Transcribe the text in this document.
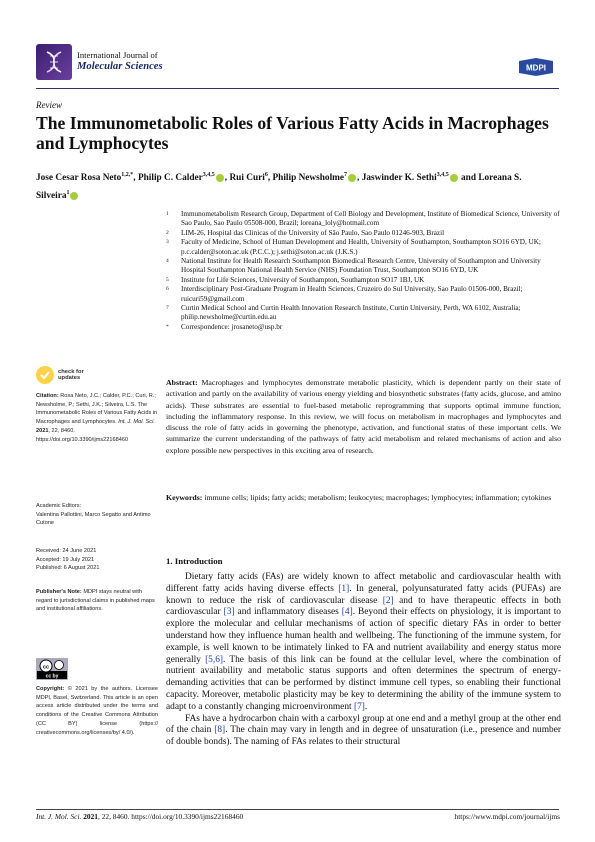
International Journal of
Molecular Sciences	MDPI
Review
The Immunometabolic Roles of Various Fatty Acids in Macrophages and Lymphocytes
Jose Cesar Rosa Neto$^{1,2,*}$, Philip C. Calder$^{3,4,5}$ , Rui Curi$^6$, Philip Newsholme$^7$ , Jaswinder K. Sethi$^{3,4,5}$ and Loreana S. Silveira$^1$
1	Immunometabolism Research Group, Department of Cell Biology and Development, Institute of Biomedical Science, University of Sao Paulo, Sao Paulo 05508-000, Brazil; loreana_loly@hotmail.com
2	LIM-26, Hospital das Clinicas of the University of São Paulo, Sao Paulo 01246-903, Brazil
3	Faculty of Medicine, School of Human Development and Health, University of Southampton, Southampton SO16 6YD, UK; p.c.calder@soton.ac.uk (P.C.C.); j.sethi@soton.ac.uk (J.K.S.)
4	National Institute for Health Research Southampton Biomedical Research Centre, University of Southampton and University Hospital Southampton National Health Service (NHS) Foundation Trust, Southampton SO16 6YD, UK
5	Institute for Life Sciences, University of Southampton, Southampton SO17 1BJ, UK
6	Interdisciplinary Post-Graduate Program in Health Sciences, Cruzeiro do Sul University, Sao Paulo 01506-000, Brazil; ruicuri59@gmail.com
7	Curtin Medical School and Curtin Health Innovation Research Institute, Curtin University, Perth, WA 6102, Australia; philip.newsholme@curtin.edu.au
*	Correspondence: jrosaneto@usp.br
check for
updates
Citation: Rosa Neto, J.C.; Calder, P.C.; Curi, R.; Newsholme, P.; Sethi, J.K.; Silveira, L.S. The Immunometabolic Roles of Various Fatty Acids in Macrophages and Lymphocytes. Int. J. Mol. Sci. 2021, 22, 8460. https://doi.org/10.3390/ijms22168460
Academic Editors:
Valentina Pallottini, Marco Segatto and Antimo Cutone
Received: 24 June 2021
Accepted: 19 July 2021
Published: 6 August 2021
Publisher's Note: MDPI stays neutral with regard to jurisdictional claims in published maps and institutional affiliations.
cc
cc by
Copyright: © 2021 by the authors. Licensee MDPI, Basel, Switzerland. This article is an open access article distributed under the terms and conditions of the Creative Commons Attribution (CC BY) license (https:// creativecommons.org/licenses/by/ 4.0/).
Abstract: Macrophages and lymphocytes demonstrate metabolic plasticity, which is dependent partly on their state of activation and partly on the availability of various energy yielding and biosynthetic substrates (fatty acids, glucose, and amino acids). These substrates are essential to fuel-based metabolic reprogramming that supports optimal immune function, including the inflammatory response. In this review, we will focus on metabolism in macrophages and lymphocytes and discuss the role of fatty acids in governing the phenotype, activation, and functional status of these important cells. We summarize the current understanding of the pathways of fatty acid metabolism and related mechanisms of action and also explore possible new perspectives in this exciting area of research.
Keywords: immune cells; lipids; fatty acids; metabolism; leukocytes; macrophages; lymphocytes; inflammation; cytokines
1. Introduction

Dietary fatty acids (FAs) are widely known to affect metabolic and cardiovascular health with different fatty acids having diverse effects [1]. In general, polyunsaturated fatty acids (PUFAs) are known to reduce the risk of cardiovascular disease [2] and to have therapeutic effects in both cardiovascular [3] and inflammatory diseases [4]. Beyond their effects on physiology, it is important to explore the molecular and cellular mechanisms of action of specific dietary FAs in order to better understand how they influence human health and wellbeing. The functioning of the immune system, for example, is well known to be intimately linked to FA and nutrient availability and energy status more generally [5,6]. The basis of this link can be found at the cellular level, where the combination of nutrient availability and metabolic status supports and often determines the spectrum of energy-demanding activities that can be performed by distinct immune cell types, so enabling their functional capacity. Moreover, metabolic plasticity may be key to determining the ability of the immune system to adapt to a constantly changing microenvironment [7].

FAs have a hydrocarbon chain with a carboxyl group at one end and a methyl group at the other end of the chain [8]. The chain may vary in length and in degree of unsaturation (i.e., presence and number of double bonds). The naming of FAs relates to their structural

Int. J. Mol. Sci. 2021, 22, 8460. https://doi.org/10.3390/ijms22168460	https://www.mdpi.com/journal/ijms
